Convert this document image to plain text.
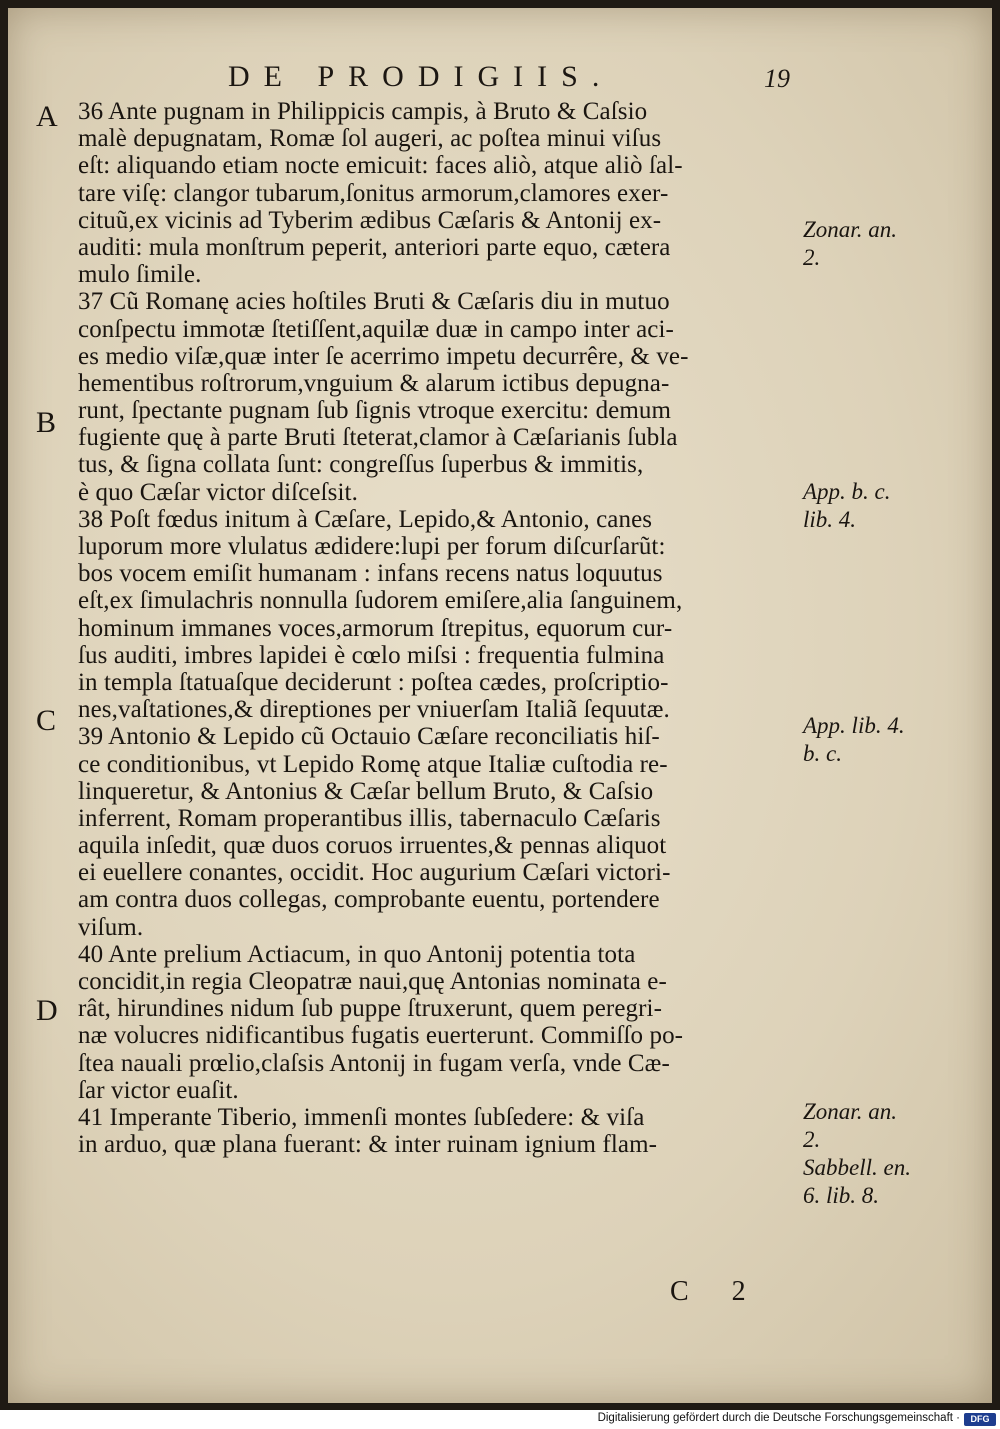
DE PRODIGIIS.	19
A
B
C
D
36 Ante pugnam in Philippicis campis, à Bruto & Caſsio
malè depugnatam, Romæ ſol augeri, ac poſtea minui viſus
eſt: aliquando etiam nocte emicuit: faces aliò, atque aliò ſal-
tare viſę: clangor tubarum,ſonitus armorum,clamores exer-
cituũ,ex vicinis ad Tyberim ædibus Cæſaris & Antonij ex-
auditi: mula monſtrum peperit, anteriori parte equo, cætera
mulo ſimile.
37 Cũ Romanę acies hoſtiles Bruti & Cæſaris diu in mutuo
conſpectu immotæ ſtetiſſent,aquilæ duæ in campo inter aci-
es medio viſæ,quæ inter ſe acerrimo impetu decurrêre, & ve-
hementibus roſtrorum,vnguium & alarum ictibus depugna-
runt, ſpectante pugnam ſub ſignis vtroque exercitu: demum
fugiente quę à parte Bruti ſteterat,clamor à Cæſarianis ſubla
tus, & ſigna collata ſunt: congreſſus ſuperbus & immitis,
è quo Cæſar victor diſceſsit.
38 Poſt fœdus initum à Cæſare, Lepido,& Antonio, canes
luporum more vlulatus ædidere:lupi per forum diſcurſarũt:
bos vocem emiſit humanam : infans recens natus loquutus
eſt,ex ſimulachris nonnulla ſudorem emiſere,alia ſanguinem,
hominum immanes voces,armorum ſtrepitus, equorum cur-
ſus auditi, imbres lapidei è cœlo miſsi : frequentia fulmina
in templa ſtatuaſque deciderunt : poſtea cædes, proſcriptio-
nes,vaſtationes,& direptiones per vniuerſam Italiã ſequutæ.
39 Antonio & Lepido cũ Octauio Cæſare reconciliatis hiſ-
ce conditionibus, vt Lepido Romę atque Italiæ cuſtodia re-
linqueretur, & Antonius & Cæſar bellum Bruto, & Caſsio
inferrent, Romam properantibus illis, tabernaculo Cæſaris
aquila inſedit, quæ duos coruos irruentes,& pennas aliquot
ei euellere conantes, occidit. Hoc augurium Cæſari victori-
am contra duos collegas, comprobante euentu, portendere
viſum.
40 Ante prelium Actiacum, in quo Antonij potentia tota
concidit,in regia Cleopatræ naui,quę Antonias nominata e-
rât, hirundines nidum ſub puppe ſtruxerunt, quem peregri-
næ volucres nidificantibus fugatis euerterunt. Commiſſo po-
ſtea nauali prœlio,claſsis Antonij in fugam verſa, vnde Cæ-
ſar victor euaſit.
41 Imperante Tiberio, immenſi montes ſubſedere: & viſa
in arduo, quæ plana fuerant: & inter ruinam ignium flam-
Zonar. an.
2.
App. b. c.
lib. 4.
App. lib. 4.
b. c.
Zonar. an.
2.
Sabbell. en.
6. lib. 8.
C 2
Digitalisierung gefördert durch die Deutsche Forschungsgemeinschaft ·	DFG
